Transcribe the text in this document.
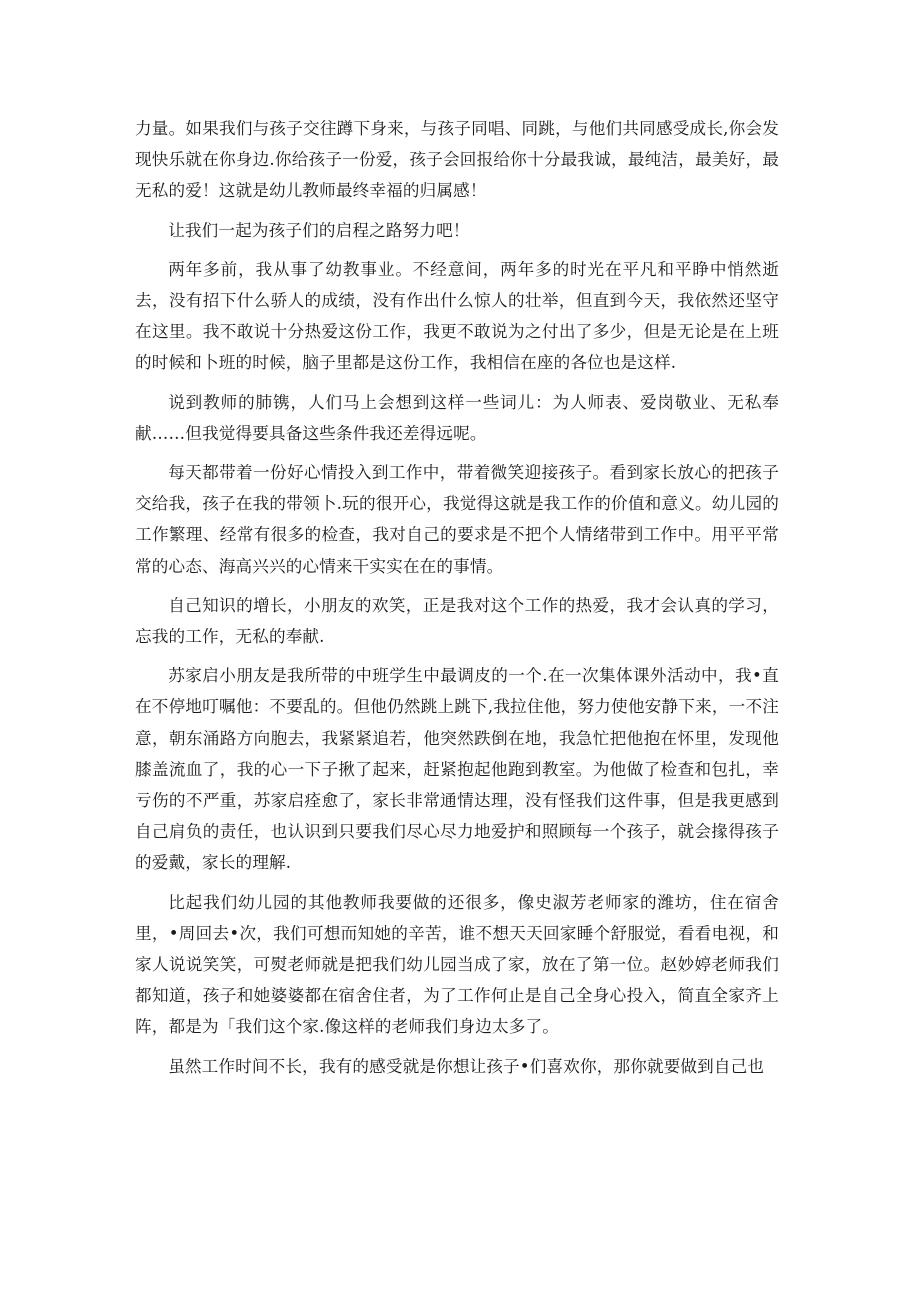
力量。如果我们与孩子交往蹲下身来，与孩子同唱、同跳，与他们共同感受成长,你会发现快乐就在你身边.你给孩子一份爱，孩子会回报给你十分最我诚，最纯洁，最美好，最无私的爱！这就是幼儿教师最终幸福的归属感！

让我们一起为孩子们的启程之路努力吧！

两年多前，我从事了幼教事业。不经意间，两年多的时光在平凡和平睁中悄然逝去，没有招下什么骄人的成绩，没有作出什么惊人的壮举，但直到今天，我依然还坚守在这里。我不敢说十分热爱这份工作，我更不敢说为之付出了多少，但是无论是在上班的时候和卜班的时候，脑子里都是这份工作，我相信在座的各位也是这样.

说到教师的肺镌，人们马上会想到这样一些词儿：为人师表、爱岗敬业、无私奉献……但我觉得要具备这些条件我还差得远呢。

每天都带着一份好心情投入到工作中，带着微笑迎接孩子。看到家长放心的把孩子交给我，孩子在我的带领卜.玩的很开心，我觉得这就是我工作的价值和意义。幼儿园的工作繁理、经常有很多的检查，我对自己的要求是不把个人情绪带到工作中。用平平常常的心态、海高兴兴的心情来干实实在在的事情。

自己知识的增长，小朋友的欢笑，正是我对这个工作的热爱，我才会认真的学习，忘我的工作，无私的奉献.

苏家启小朋友是我所带的中班学生中最调皮的一个.在一次集体课外活动中，我•直在不停地叮嘱他：不要乱的。但他仍然跳上跳下,我拉住他，努力使他安静下来，一不注意，朝东涌路方向胞去，我紧紧追若，他突然跌倒在地，我急忙把他抱在怀里，发现他膝盖流血了，我的心一下子揪了起来，赶紧抱起他跑到教室。为他做了检查和包扎，幸亏伤的不严重，苏家启痊愈了，家长非常通情达理，没有怪我们这件事，但是我更感到自己肩负的责任，也认识到只要我们尽心尽力地爱护和照顾每一个孩子，就会掾得孩子的爱戴，家长的理解.

比起我们幼儿园的其他教师我要做的还很多，像史淑芳老师家的潍坊，住在宿舍里，•周回去•次，我们可想而知她的辛苦，谁不想天天回家睡个舒服觉，看看电视，和家人说说笑笑，可熨老师就是把我们幼儿园当成了家，放在了第一位。赵妙婷老师我们都知道，孩子和她婆婆都在宿舍住者，为了工作何止是自己全身心投入，简直全家齐上阵，都是为「我们这个家.像这样的老师我们身边太多了。

虽然工作时间不长，我有的感受就是你想让孩子•们喜欢你，那你就要做到自己也
